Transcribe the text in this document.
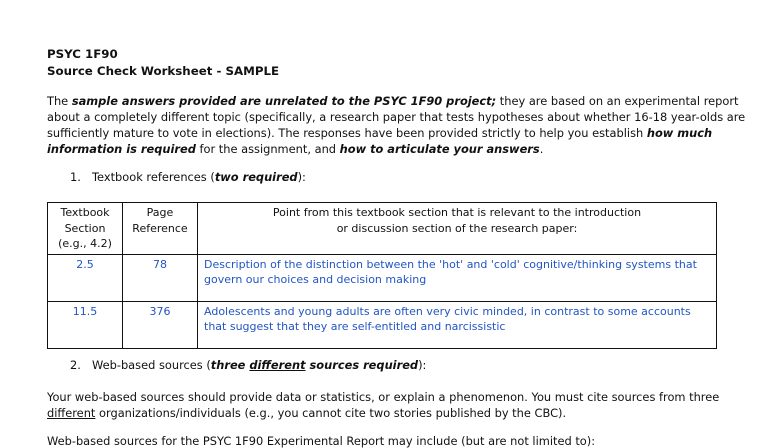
PSYC 1F90
Source Check Worksheet - SAMPLE
The sample answers provided are unrelated to the PSYC 1F90 project; they are based on an experimental report about a completely different topic (specifically, a research paper that tests hypotheses about whether 16-18 year-olds are sufficiently mature to vote in elections). The responses have been provided strictly to help you establish how much information is required for the assignment, and how to articulate your answers.
1. Textbook references (two required):
Textbook Section (e.g., 4.2)	Page Reference	Point from this textbook section that is relevant to the introduction
or discussion section of the research paper:
2.5	78	Description of the distinction between the 'hot' and 'cold' cognitive/thinking systems that govern our choices and decision making
11.5	376	Adolescents and young adults are often very civic minded, in contrast to some accounts that suggest that they are self-entitled and narcissistic
2. Web-based sources (three different sources required):
Your web-based sources should provide data or statistics, or explain a phenomenon. You must cite sources from three different organizations/individuals (e.g., you cannot cite two stories published by the CBC).
Web-based sources for the PSYC 1F90 Experimental Report may include (but are not limited to):
